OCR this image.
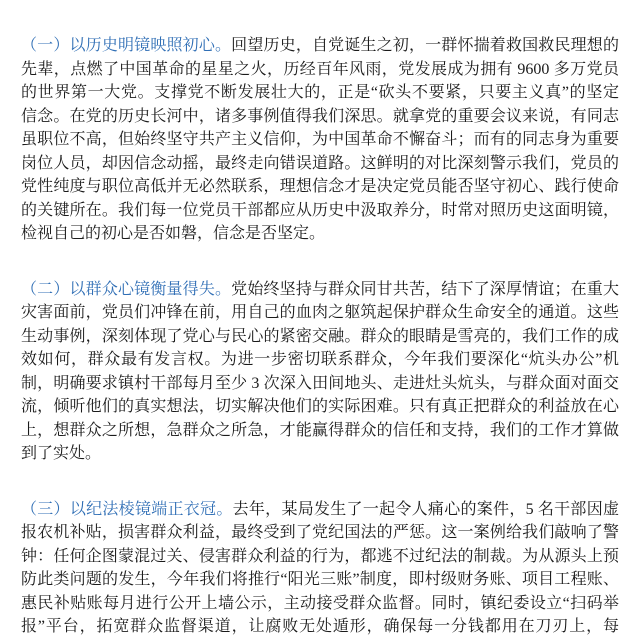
（一）以历史明镜映照初心。回望历史，自党诞生之初，一群怀揣着救国救民理想的
先辈，点燃了中国革命的星星之火，历经百年风雨，党发展成为拥有 9600 多万党员
的世界第一大党。支撑党不断发展壮大的，正是“砍头不要紧，只要主义真”的坚定
信念。在党的历史长河中，诸多事例值得我们深思。就拿党的重要会议来说，有同志
虽职位不高，但始终坚守共产主义信仰，为中国革命不懈奋斗；而有的同志身为重要
岗位人员，却因信念动摇，最终走向错误道路。这鲜明的对比深刻警示我们，党员的
党性纯度与职位高低并无必然联系，理想信念才是决定党员能否坚守初心、践行使命
的关键所在。我们每一位党员干部都应从历史中汲取养分，时常对照历史这面明镜，
检视自己的初心是否如磐，信念是否坚定。
（二）以群众心镜衡量得失。党始终坚持与群众同甘共苦，结下了深厚情谊；在重大
灾害面前，党员们冲锋在前，用自己的血肉之躯筑起保护群众生命安全的通道。这些
生动事例，深刻体现了党心与民心的紧密交融。群众的眼睛是雪亮的，我们工作的成
效如何，群众最有发言权。为进一步密切联系群众，今年我们要深化“炕头办公”机
制，明确要求镇村干部每月至少 3 次深入田间地头、走进灶头炕头，与群众面对面交
流，倾听他们的真实想法，切实解决他们的实际困难。只有真正把群众的利益放在心
上，想群众之所想，急群众之所急，才能赢得群众的信任和支持，我们的工作才算做
到了实处。
（三）以纪法棱镜端正衣冠。去年，某局发生了一起令人痛心的案件，5 名干部因虚
报农机补贴，损害群众利益，最终受到了党纪国法的严惩。这一案例给我们敲响了警
钟：任何企图蒙混过关、侵害群众利益的行为，都逃不过纪法的制裁。为从源头上预
防此类问题的发生，今年我们将推行“阳光三账”制度，即村级财务账、项目工程账、
惠民补贴账每月进行公开上墙公示，主动接受群众监督。同时，镇纪委设立“扫码举
报”平台，拓宽群众监督渠道，让腐败无处遁形，确保每一分钱都用在刀刃上，每
